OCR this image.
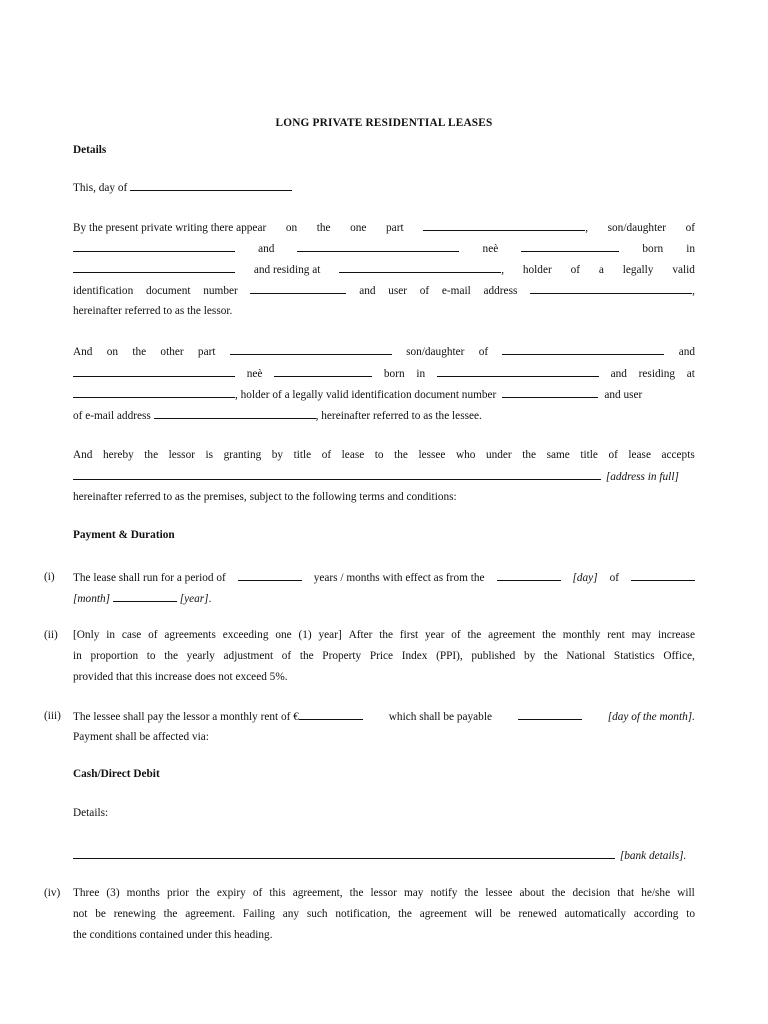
LONG PRIVATE RESIDENTIAL LEASES
Details
This, day of
By the present private writing there appear on the one part	, son/daughter of
and	neè	born in
and residing at	, holder of a legally valid
identification document number	and user of e-mail address	,
hereinafter referred to as the lessor.
And on the other part	son/daughter of	and
neè	born in	and residing at
, holder of a legally valid identification document number	and user
of e-mail address	, hereinafter referred to as the lessee.
And hereby the lessor is granting by title of lease to the lessee who under the same title of lease accepts
[address in full]
hereinafter referred to as the premises, subject to the following terms and conditions:
Payment & Duration
(i) The lease shall run for a period of	years / months with effect as from the	[day] of
[month]	[year].
(ii) [Only in case of agreements exceeding one (1) year] After the first year of the agreement the monthly rent may increase
in proportion to the yearly adjustment of the Property Price Index (PPI), published by the National Statistics Office,
provided that this increase does not exceed 5%.
(iii) The lessee shall pay the lessor a monthly rent of €	which shall be payable	[day of the month].
Payment shall be affected via:
Cash/Direct Debit
Details:
[bank details].
(iv) Three (3) months prior the expiry of this agreement, the lessor may notify the lessee about the decision that he/she will
not be renewing the agreement. Failing any such notification, the agreement will be renewed automatically according to
the conditions contained under this heading.
